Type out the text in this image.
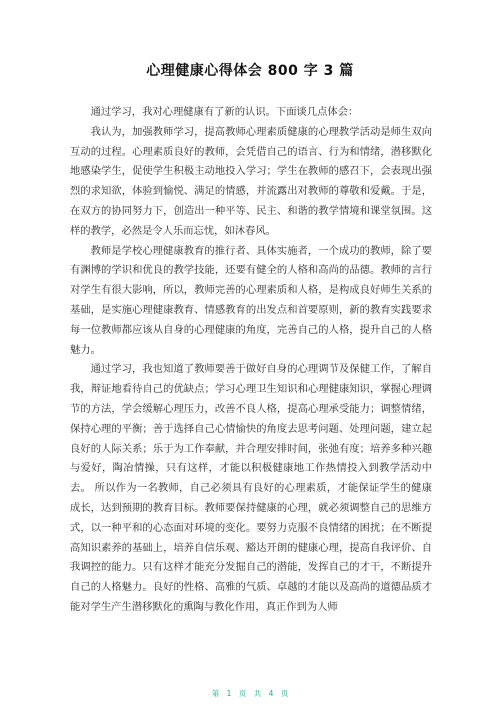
心理健康心得体会 800 字 3 篇

通过学习，我对心理健康有了新的认识。下面谈几点体会：

我认为，加强教师学习，提高教师心理素质健康的心理教学活动是师生双向互动的过程。心理素质良好的教师，会凭借自己的语言、行为和情绪，潜移默化地感染学生，促使学生积极主动地投入学习；学生在教师的感召下，会表现出强烈的求知欲，体验到愉悦、满足的情感，并流露出对教师的尊敬和爱戴。于是，在双方的协同努力下，创造出一种平等、民主、和谐的教学情境和课堂氛围。这样的教学，必然是令人乐而忘忧，如沐春风。

教师是学校心理健康教育的推行者、具体实施者，一个成功的教师，除了要有渊博的学识和优良的教学技能，还要有健全的人格和高尚的品德。教师的言行对学生有很大影响，所以，教师完善的心理素质和人格，是构成良好师生关系的基础，是实施心理健康教育、情感教育的出发点和首要原则，新的教育实践要求每一位教师都应该从自身的心理健康的角度，完善自己的人格，提升自己的人格魅力。

通过学习，我也知道了教师要善于做好自身的心理调节及保健工作，了解自我，辩证地看待自己的优缺点；学习心理卫生知识和心理健康知识，掌握心理调节的方法，学会缓解心理压力，改善不良人格，提高心理承受能力；调整情绪，保持心理的平衡；善于选择自己心情愉快的角度去思考问题、处理问题，建立起良好的人际关系；乐于为工作奉献，并合理安排时间，张弛有度；培养多种兴趣与爱好，陶冶情操，只有这样，才能以积极健康地工作热情投入到教学活动中去。 所以作为一名教师，自己必须具有良好的心理素质，才能保证学生的健康成长，达到预期的教育目标。教师要保持健康的心理，就必须调整自己的思维方式，以一种平和的心态面对环境的变化。要努力克服不良情绪的困扰；在不断提高知识素养的基础上，培养自信乐观、豁达开朗的健康心理，提高自我评价、自我调控的能力。只有这样才能充分发掘自己的潜能，发挥自己的才干，不断提升自己的人格魅力。良好的性格、高雅的气质、卓越的才能以及高尚的道德品质才能对学生产生潜移默化的熏陶与教化作用，真正作到为人师

第 1 页 共 4 页
